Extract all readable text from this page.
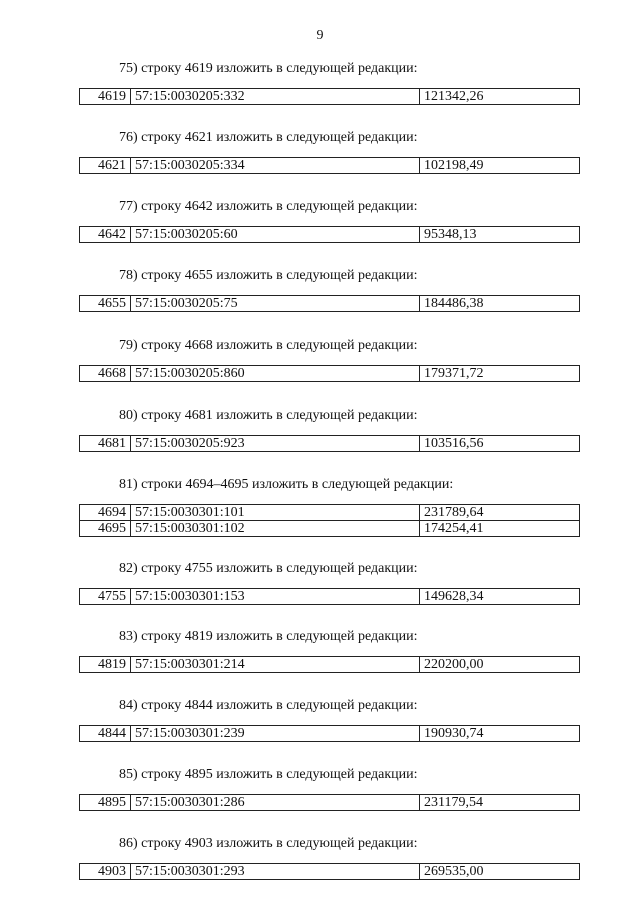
9
75) строку 4619 изложить в следующей редакции:
4619	57:15:0030205:332	121342,26
76) строку 4621 изложить в следующей редакции:
4621	57:15:0030205:334	102198,49
77) строку 4642 изложить в следующей редакции:
4642	57:15:0030205:60	95348,13
78) строку 4655 изложить в следующей редакции:
4655	57:15:0030205:75	184486,38
79) строку 4668 изложить в следующей редакции:
4668	57:15:0030205:860	179371,72
80) строку 4681 изложить в следующей редакции:
4681	57:15:0030205:923	103516,56
81) строки 4694–4695 изложить в следующей редакции:
4694	57:15:0030301:101	231789,64
4695	57:15:0030301:102	174254,41
82) строку 4755 изложить в следующей редакции:
4755	57:15:0030301:153	149628,34
83) строку 4819 изложить в следующей редакции:
4819	57:15:0030301:214	220200,00
84) строку 4844 изложить в следующей редакции:
4844	57:15:0030301:239	190930,74
85) строку 4895 изложить в следующей редакции:
4895	57:15:0030301:286	231179,54
86) строку 4903 изложить в следующей редакции:
4903	57:15:0030301:293	269535,00
